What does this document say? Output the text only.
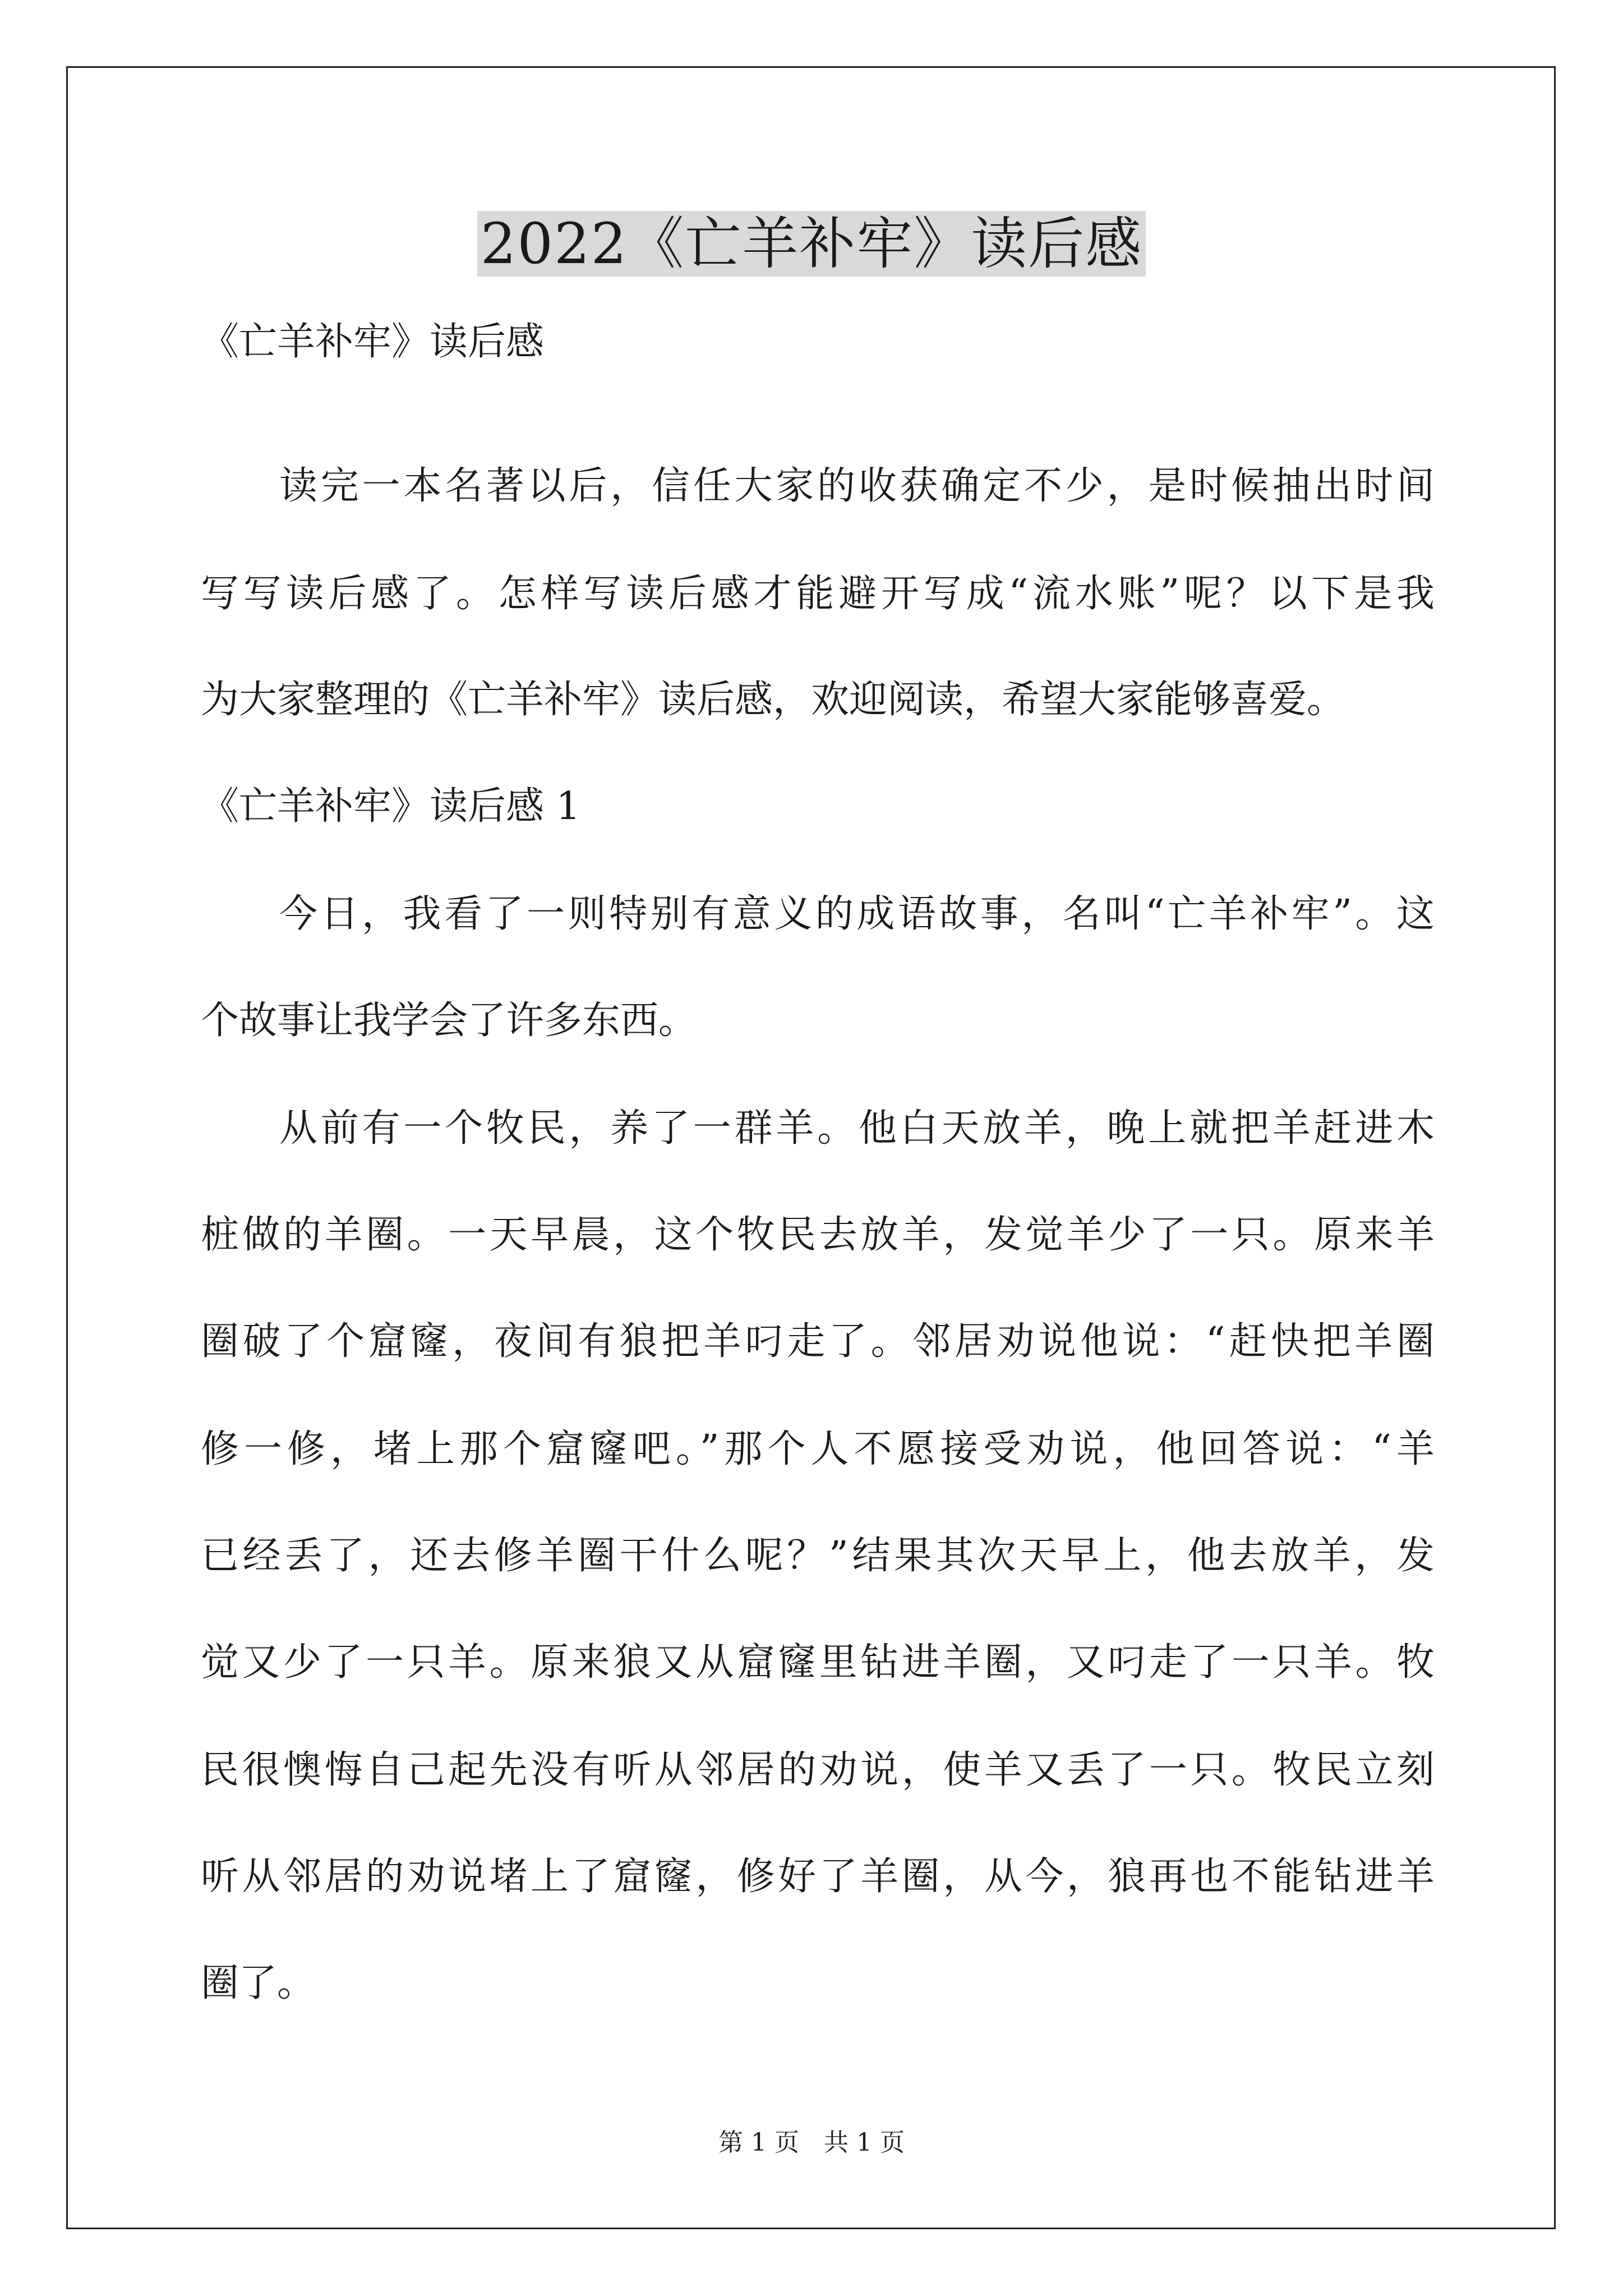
2022《亡羊补牢》读后感
《亡羊补牢》读后感
读完一本名著以后，信任大家的收获确定不少，是时候抽出时间
写写读后感了。怎样写读后感才能避开写成“流水账”呢？以下是我
为大家整理的《亡羊补牢》读后感，欢迎阅读，希望大家能够喜爱。
《亡羊补牢》读后感 1
今日，我看了一则特别有意义的成语故事，名叫“亡羊补牢”。这
个故事让我学会了许多东西。
从前有一个牧民，养了一群羊。他白天放羊，晚上就把羊赶进木
桩做的羊圈。一天早晨，这个牧民去放羊，发觉羊少了一只。原来羊
圈破了个窟窿，夜间有狼把羊叼走了。邻居劝说他说：“赶快把羊圈
修一修，堵上那个窟窿吧。”那个人不愿接受劝说，他回答说：“羊
已经丢了，还去修羊圈干什么呢？”结果其次天早上，他去放羊，发
觉又少了一只羊。原来狼又从窟窿里钻进羊圈，又叼走了一只羊。牧
民很懊悔自己起先没有听从邻居的劝说，使羊又丢了一只。牧民立刻
听从邻居的劝说堵上了窟窿，修好了羊圈，从今，狼再也不能钻进羊
圈了。
第 1 页　共 1 页
